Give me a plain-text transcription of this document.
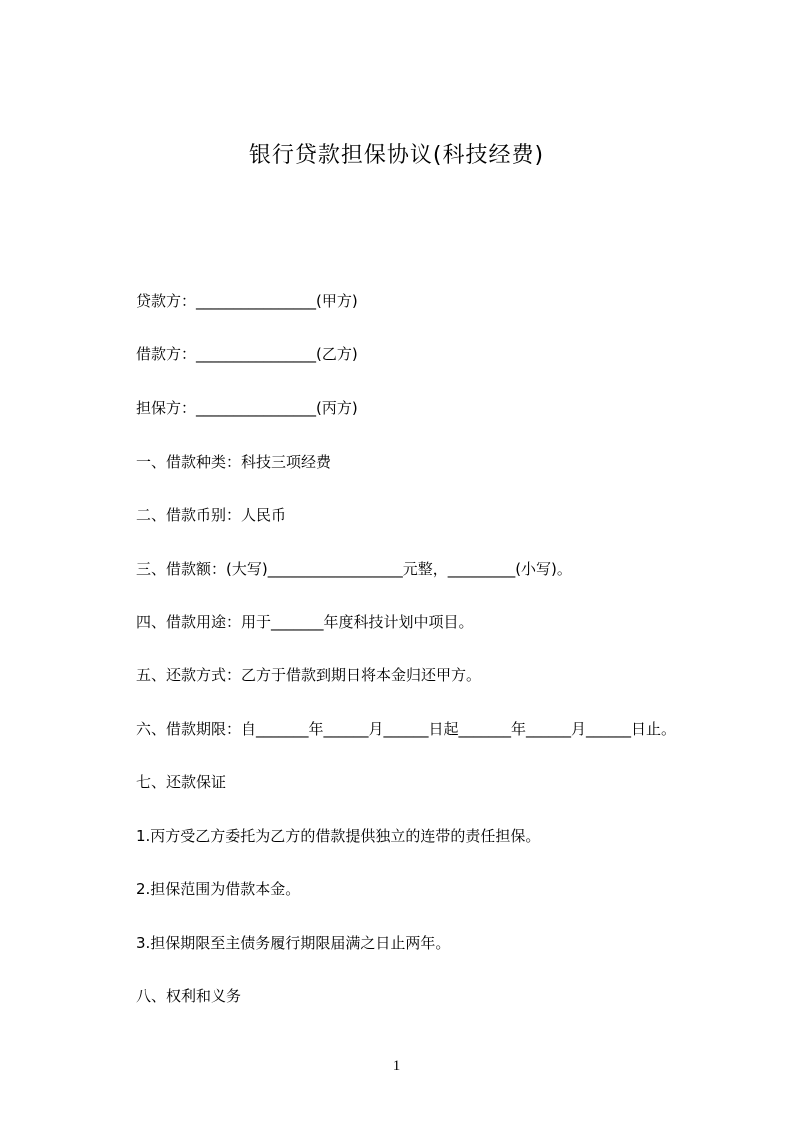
银行贷款担保协议(科技经费)
贷款方：________________(甲方)
借款方：________________(乙方)
担保方：________________(丙方)
一、借款种类：科技三项经费
二、借款币别：人民币
三、借款额：(大写)__________________元整，_________(小写)。
四、借款用途：用于_______年度科技计划中项目。
五、还款方式：乙方于借款到期日将本金归还甲方。
六、借款期限：自_______年______月______日起_______年______月______日止。
七、还款保证
1.丙方受乙方委托为乙方的借款提供独立的连带的责任担保。
2.担保范围为借款本金。
3.担保期限至主债务履行期限届满之日止两年。
八、权利和义务
1
